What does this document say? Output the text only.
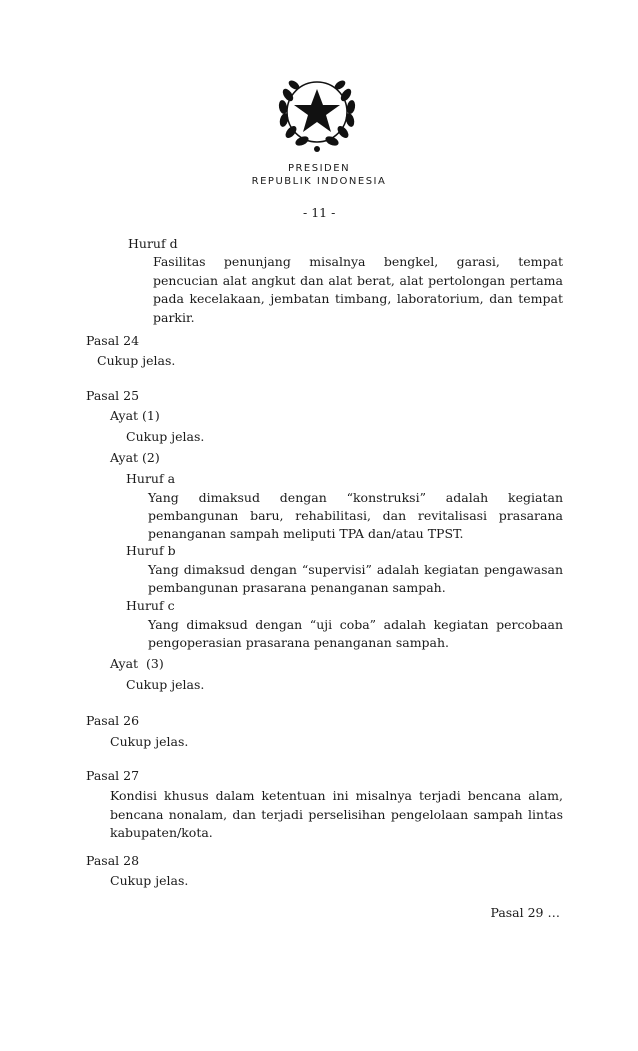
PRESIDEN
REPUBLIK INDONESIA
- 11 -
Huruf d
Fasilitas penunjang misalnya bengkel, garasi, tempat
pencucian alat angkut dan alat berat, alat pertolongan pertama
pada kecelakaan, jembatan timbang, laboratorium, dan tempat
parkir.
Pasal 24
Cukup jelas.
Pasal 25
Ayat (1)
Cukup jelas.
Ayat (2)
Huruf a
Yang dimaksud dengan “konstruksi” adalah kegiatan
pembangunan baru, rehabilitasi, dan revitalisasi prasarana
penanganan sampah meliputi TPA dan/atau TPST.
Huruf b
Yang dimaksud dengan “supervisi” adalah kegiatan pengawasan
pembangunan prasarana penanganan sampah.
Huruf c
Yang dimaksud dengan “uji coba” adalah kegiatan percobaan
pengoperasian prasarana penanganan sampah.
Ayat  (3)
Cukup jelas.
Pasal 26
Cukup jelas.
Pasal 27
Kondisi khusus dalam ketentuan ini misalnya terjadi bencana alam,
bencana nonalam, dan terjadi perselisihan pengelolaan sampah lintas
kabupaten/kota.
Pasal 28
Cukup jelas.
Pasal 29 …
